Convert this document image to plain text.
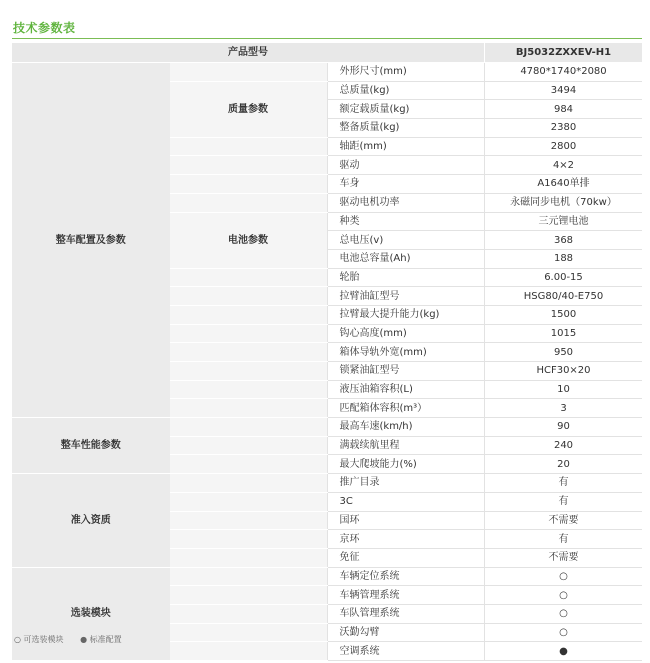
技术参数表
产品型号			BJ5032ZXXEV-H1
整车配置及参数		外形尺寸(mm)	4780*1740*2080
	质量参数	总质量(kg)	3494
		额定载质量(kg)	984
		整备质量(kg)	2380
		轴距(mm)	2800
		驱动	4×2
		车身	A1640单排
		驱动电机功率	永磁同步电机（70kw）
	电池参数	种类	三元锂电池
		总电压(v)	368
		电池总容量(Ah)	188
		轮胎	6.00-15
		拉臂油缸型号	HSG80/40-E750
		拉臂最大提升能力(kg)	1500
		钩心高度(mm)	1015
		箱体导轨外宽(mm)	950
		锁紧油缸型号	HCF30×20
		液压油箱容积(L)	10
		匹配箱体容积(m³）	3
整车性能参数		最高车速(km/h)	90
		满载续航里程	240
		最大爬坡能力(%)	20
准入资质		推广目录	有
		3C	有
		国环	不需要
		京环	有
		免征	不需要
选装模块		车辆定位系统	○
		车辆管理系统	○
		车队管理系统	○
		沃勤勾臂	○
		空调系统	●
○ 可选装模块 ● 标准配置
